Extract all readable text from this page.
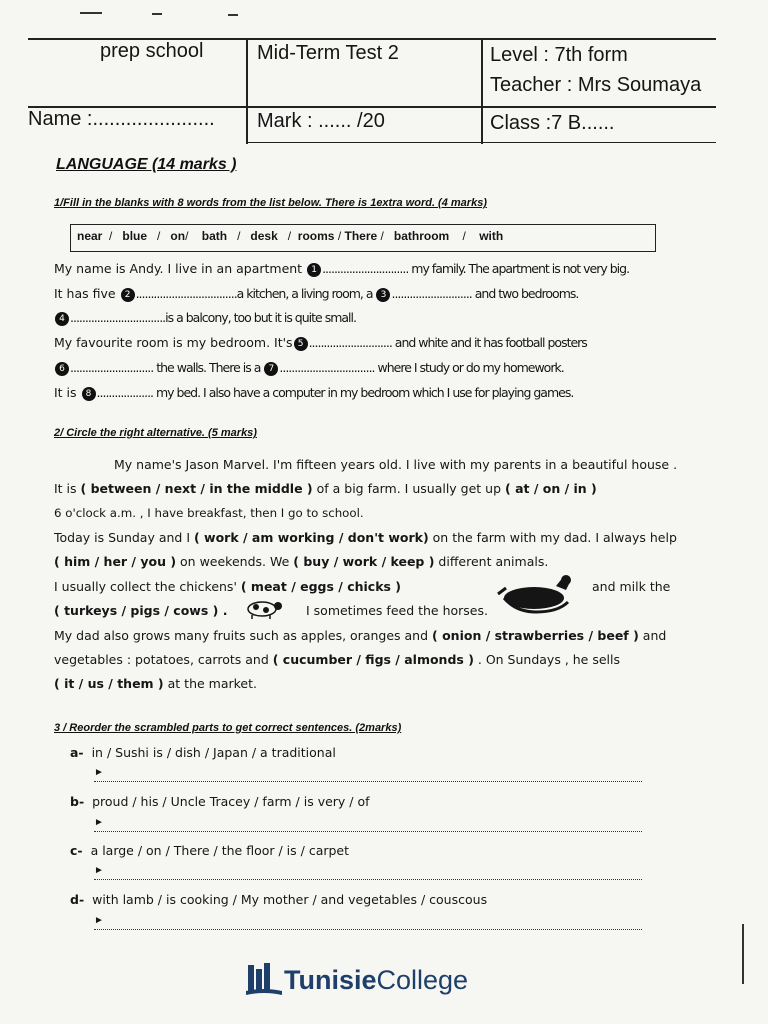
prep school	Mid-Term Test 2	Level : 7th form
Teacher : Mrs Soumaya
Name :...................... Mark : ...... /20	Class :7 B......
LANGUAGE (14 marks )
1/Fill in the blanks with 8 words from the list below. There is 1extra word. (4 marks)
near  /   blue   /   on/    bath   /   desk   /  rooms / There /   bathroom    /    with
My name is Andy. I live in an apartment 1 ............................. my family. The apartment is not very big.
It has five 2 ..................................a kitchen, a living room, a 3 ........................... and two bedrooms.
4 ................................is a balcony, too but it is quite small.
My favourite room is my bedroom. It's 5 ............................ and white and it has football posters
6 ............................ the walls. There is a 7 ................................ where I study or do my homework.
It is 8 ................... my bed. I also have a computer in my bedroom which I use for playing games.
2/ Circle the right alternative. (5 marks)
My name's Jason Marvel. I'm fifteen years old. I live with my parents in a beautiful house .
It is ( between / next / in the middle ) of a big farm. I usually get up ( at / on / in )
6 o'clock a.m. , I have breakfast, then I go to school.
Today is Sunday and I ( work / am working / don't work) on the farm with my dad. I always help
( him / her / you ) on weekends. We ( buy / work / keep ) different animals.
I usually collect the chickens' ( meat / eggs / chicks )	and milk the
( turkeys / pigs / cows ) .	I sometimes feed the horses.
My dad also grows many fruits such as apples, oranges and ( onion / strawberries / beef ) and
vegetables : potatoes, carrots and ( cucumber / figs / almonds ) . On Sundays , he sells
( it / us / them ) at the market.
3 / Reorder the scrambled parts to get correct sentences. (2marks)
a- in / Sushi is / dish / Japan / a traditional
►
b- proud / his / Uncle Tracey / farm / is very / of
►
c- a large / on / There / the floor / is / carpet
►
d- with lamb / is cooking / My mother / and vegetables / couscous
►
Tunisie College
